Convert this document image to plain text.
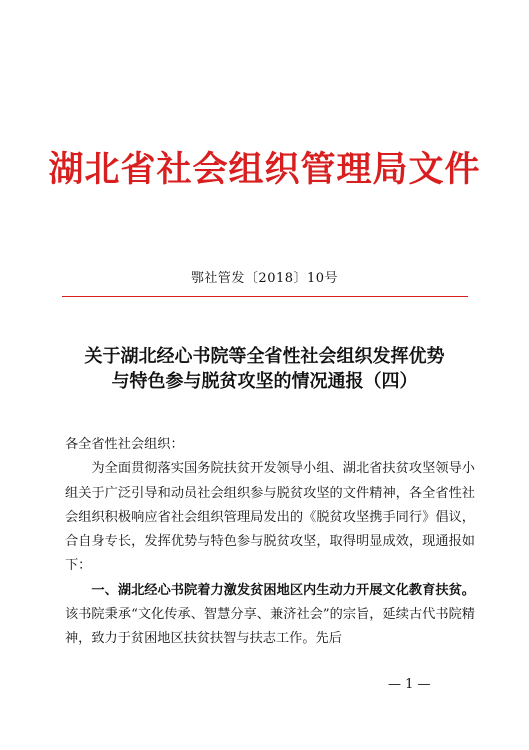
湖北省社会组织管理局文件
鄂社管发〔2018〕10号
关于湖北经心书院等全省性社会组织发挥优势
与特色参与脱贫攻坚的情况通报（四）

各全省性社会组织：

为全面贯彻落实国务院扶贫开发领导小组、湖北省扶贫攻坚领导小组关于广泛引导和动员社会组织参与脱贫攻坚的文件精神，各全省性社会组织积极响应省社会组织管理局发出的《脱贫攻坚携手同行》倡议，合自身专长，发挥优势与特色参与脱贫攻坚，取得明显成效，现通报如下：

一、湖北经心书院着力激发贫困地区内生动力开展文化教育扶贫。该书院秉承“文化传承、智慧分享、兼济社会”的宗旨，延续古代书院精神，致力于贫困地区扶贫扶智与扶志工作。先后

— 1 —
